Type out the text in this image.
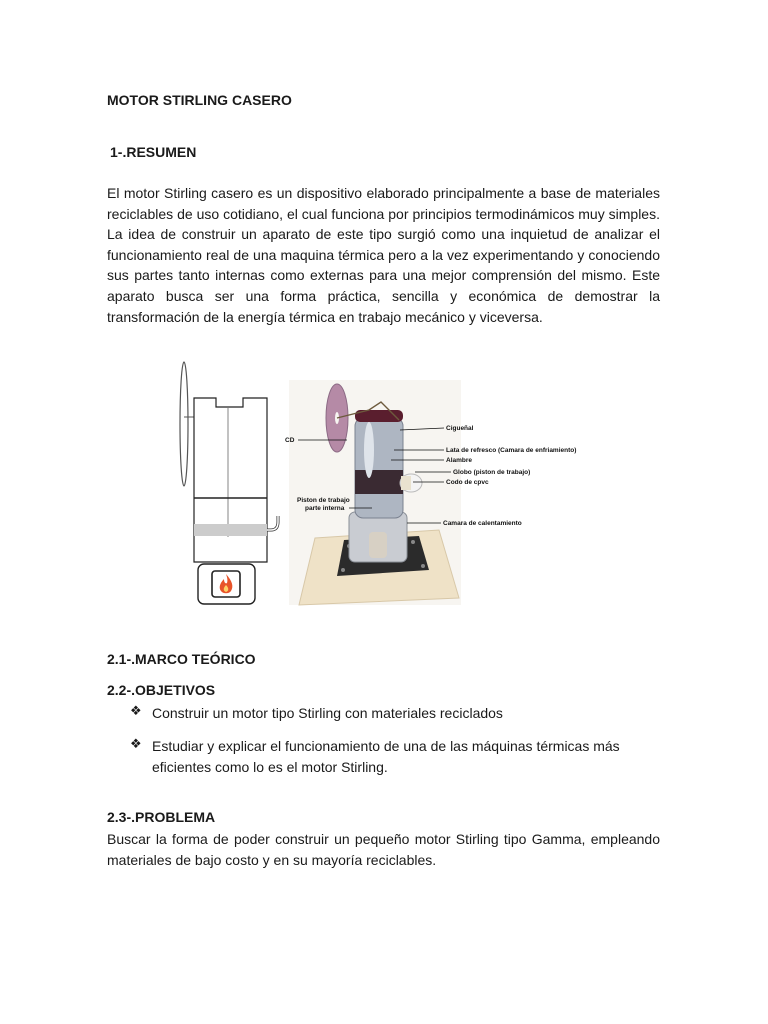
MOTOR STIRLING CASERO
1-.RESUMEN

El motor Stirling casero es un dispositivo elaborado principalmente a base de materiales reciclables de uso cotidiano, el cual funciona por principios termodinámicos muy simples. La idea de construir un aparato de este tipo surgió como una inquietud de analizar el funcionamiento real de una maquina térmica pero a la vez experimentando y conociendo sus partes tanto internas como externas para una mejor comprensión del mismo. Este aparato busca ser una forma práctica, sencilla y económica de demostrar la transformación de la energía térmica en trabajo mecánico y viceversa.

CD
Cigueñal
Lata de refresco (Camara de enfriamiento)
Alambre
Globo (piston de trabajo)
Codo de cpvc
Piston de trabajo
parte interna
Camara de calentamiento
2.1-.MARCO TEÓRICO
2.2-.OBJETIVOS
❖ Construir un motor tipo Stirling con materiales reciclados
❖ Estudiar y explicar el funcionamiento de una de las máquinas térmicas más eficientes como lo es el motor Stirling.
2.3-.PROBLEMA

Buscar la forma de poder construir un pequeño motor Stirling tipo Gamma, empleando materiales de bajo costo y en su mayoría reciclables.
